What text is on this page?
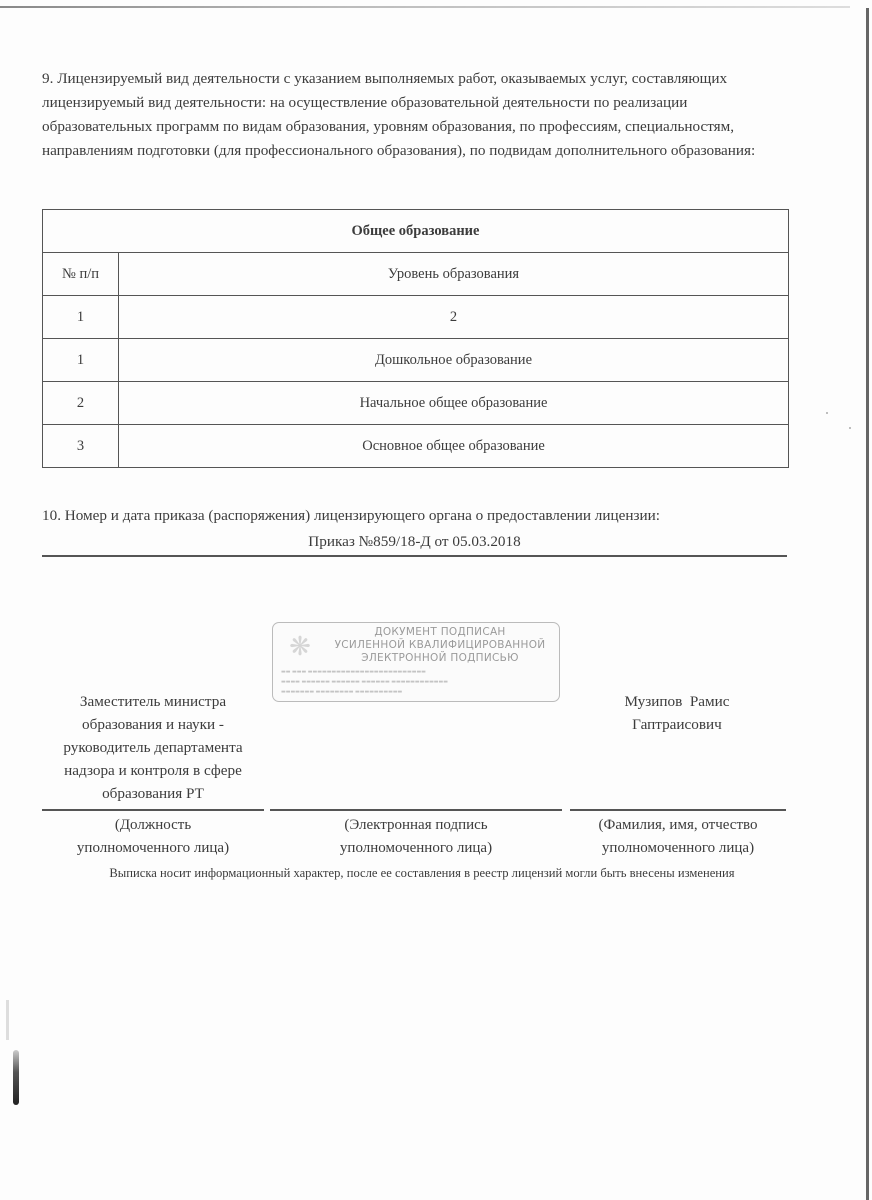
9. Лицензируемый вид деятельности с указанием выполняемых работ, оказываемых услуг, составляющих лицензируемый вид деятельности: на осуществление образовательной деятельности по реализации образовательных программ по видам образования, уровням образования, по профессиям, специальностям, направлениям подготовки (для профессионального образования), по подвидам дополнительного образования:
Общее образование	
№ п/п	Уровень образования
1	2
1	Дошкольное образование
2	Начальное общее образование
3	Основное общее образование
10. Номер и дата приказа (распоряжения) лицензирующего органа о предоставлении лицензии:
Приказ №859/18-Д от 05.03.2018
❋	ДОКУМЕНТ ПОДПИСАН
УСИЛЕННОЙ КВАЛИФИЦИРОВАННОЙ
ЭЛЕКТРОННОЙ ПОДПИСЬЮ
▬▬ ▬▬▬ ▬▬▬▬▬▬▬▬▬▬▬▬▬▬▬▬▬▬▬▬▬▬▬▬▬
▬▬▬▬ ▬▬▬▬▬▬ ▬▬▬▬▬▬ ▬▬▬▬▬▬ ▬▬▬▬▬▬▬▬▬▬▬▬
▬▬▬▬▬▬▬ ▬▬▬▬▬▬▬▬ ▬▬▬▬▬▬▬▬▬▬
Заместитель министра
образования и науки -
руководитель департамента
надзора и контроля в сфере
образования РТ
Музипов  Рамис
Гаптраисович
(Должность
уполномоченного лица)
(Электронная подпись
уполномоченного лица)
(Фамилия, имя, отчество
уполномоченного лица)
Выписка носит информационный характер, после ее составления в реестр лицензий могли быть внесены изменения
